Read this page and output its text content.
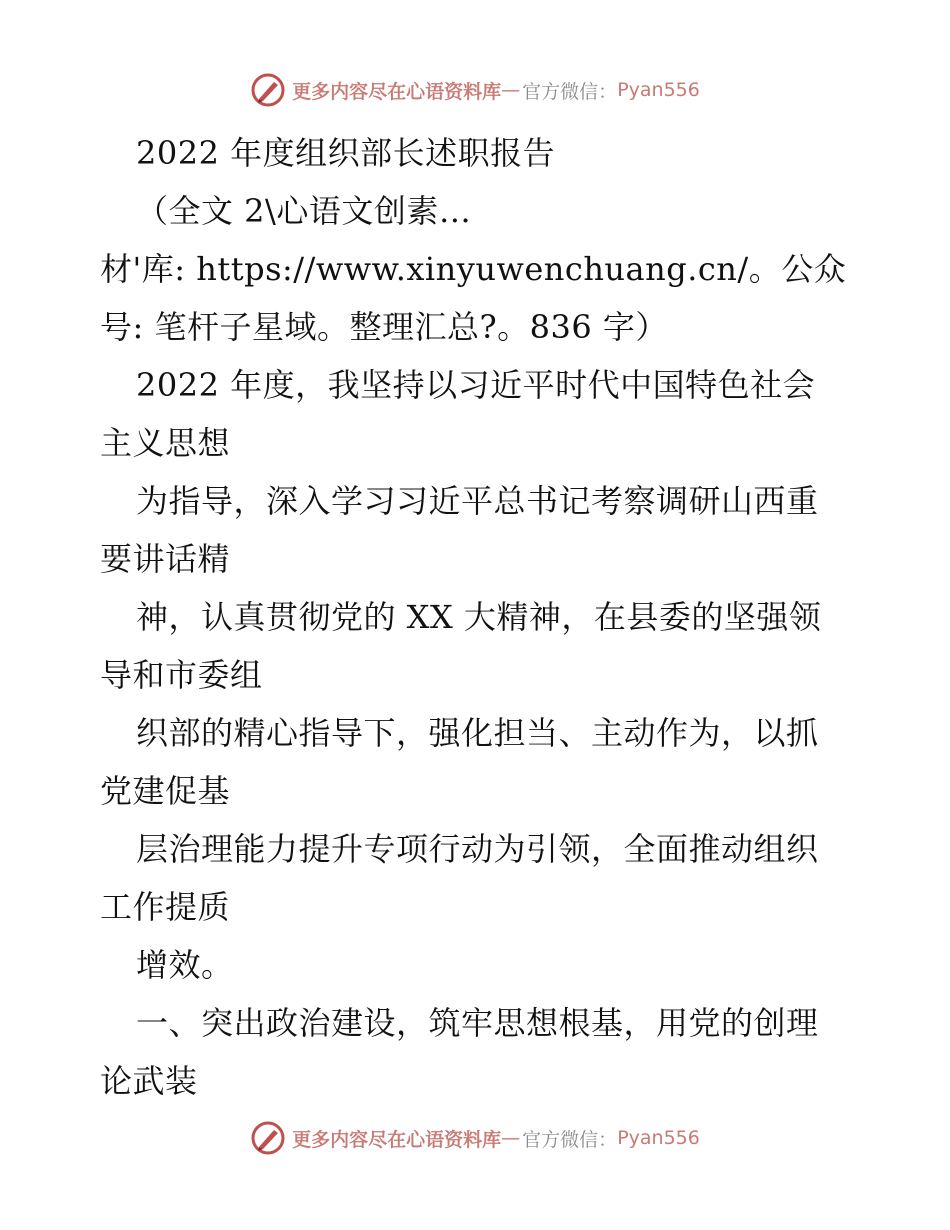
更多内容尽在心语资料库 — 官方微信： Pyan556
2022 年度组织部长述职报告
（全文 2\心语文创素…
材'库: https://www.xinyuwenchuang.cn/。公众
号: 笔杆子星域。整理汇总?。836 字）
2022 年度，我坚持以习近平时代中国特色社会
主义思想
为指导，深入学习习近平总书记考察调研山西重
要讲话精
神，认真贯彻党的 XX 大精神，在县委的坚强领
导和市委组
织部的精心指导下，强化担当、主动作为，以抓
党建促基
层治理能力提升专项行动为引领，全面推动组织
工作提质
增效。
一、突出政治建设，筑牢思想根基，用党的创理
论武装
更多内容尽在心语资料库 — 官方微信： Pyan556
